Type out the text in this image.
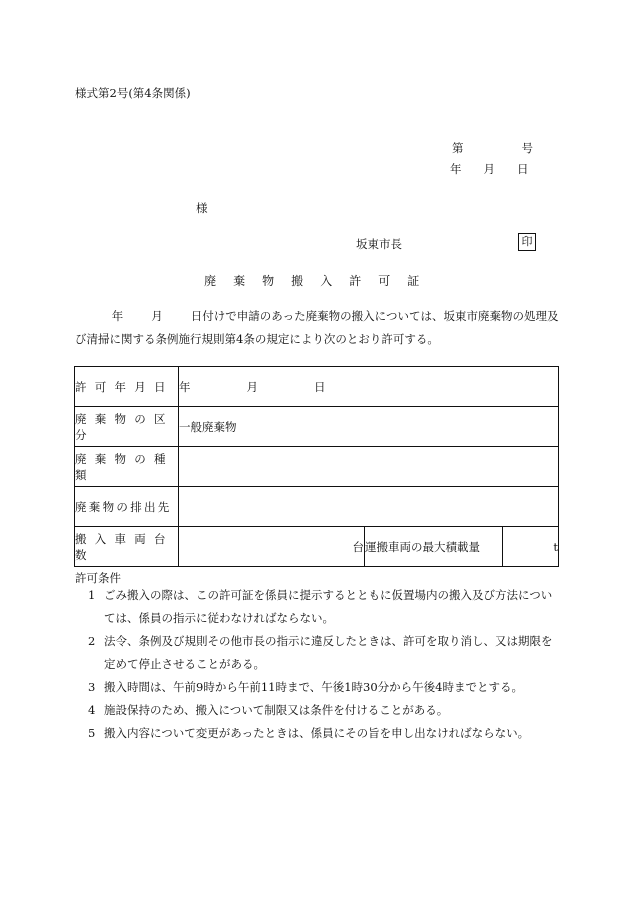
様式第2号(第4条関係)
第	号
年 月 日
様
坂東市長	印
廃 棄 物 搬 入 許 可 証
年 月 日付けで申請のあった廃棄物の搬入については、坂東市廃棄物の処理及び清掃に関する条例施行規則第4条の規定により次のとおり許可する。
許 可 年 月 日	年 月 日		
廃 棄 物 の 区 分	一般廃棄物		
廃 棄 物 の 種 類			
廃棄物の排出先			
搬 入 車 両 台 数	台	運搬車両の最大積載量	t
許可条件
1 ごみ搬入の際は、この許可証を係員に提示するとともに仮置場内の搬入及び方法については、係員の指示に従わなければならない。
2 法令、条例及び規則その他市長の指示に違反したときは、許可を取り消し、又は期限を定めて停止させることがある。
3 搬入時間は、午前9時から午前11時まで、午後1時30分から午後4時までとする。
4 施設保持のため、搬入について制限又は条件を付けることがある。
5 搬入内容について変更があったときは、係員にその旨を申し出なければならない。
